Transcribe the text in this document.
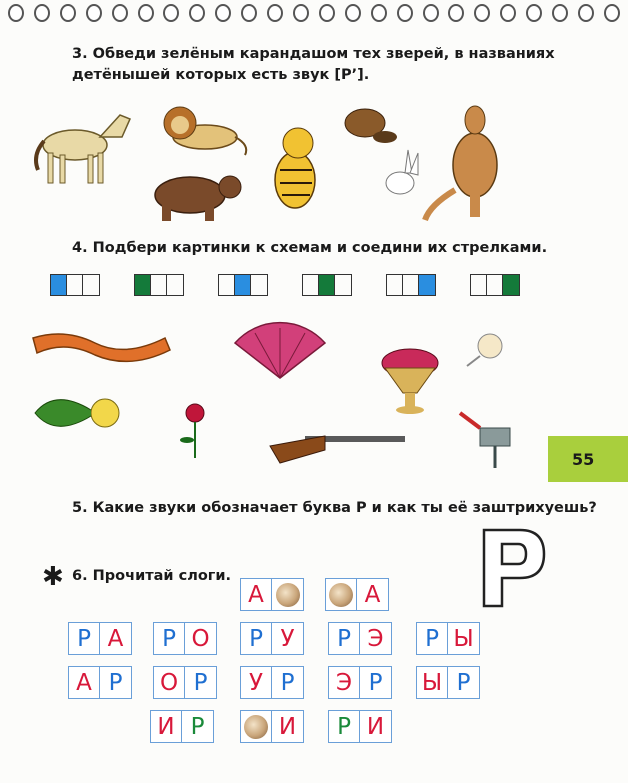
3. Обведи зелёным карандашом тех зверей, в названиях
детёнышей которых есть звук [Р’].
4. Подбери картинки к схемам и соедини их стрелками.
55
5. Какие звуки обозначает буква Р и как ты её заштрихуешь?
✱ 6. Прочитай слоги.
А	А
Р А	Р О	Р У	Р Э	Р Ы
А Р	О Р	У Р	Э Р	Ы Р
И Р	И	Р И
